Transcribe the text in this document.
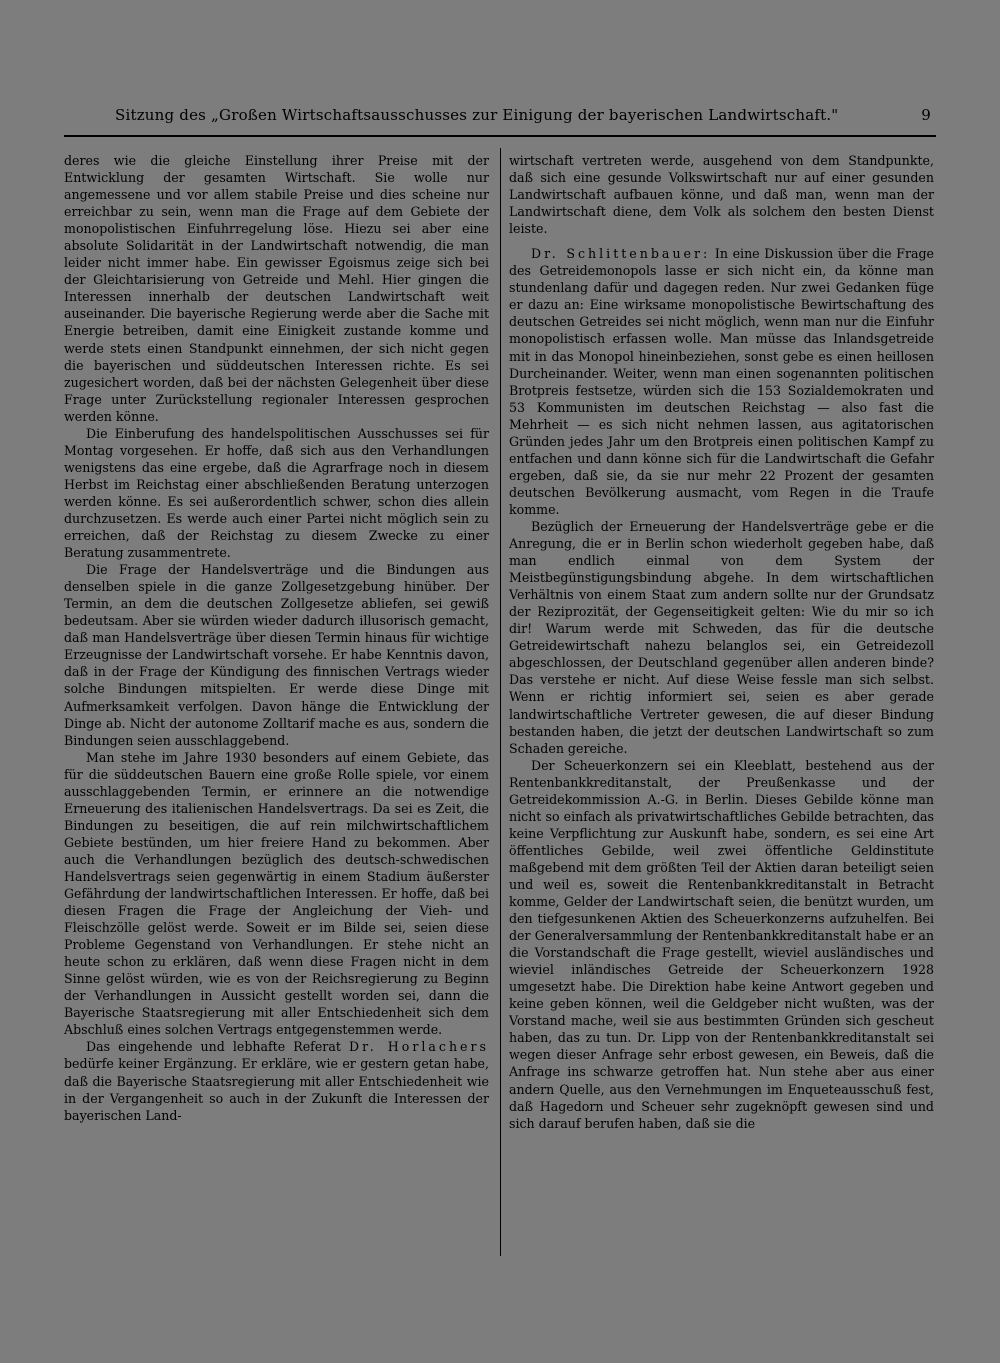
Sitzung des „Großen Wirtschaftsausschusses zur Einigung der bayerischen Landwirtschaft."	9

deres wie die gleiche Einstellung ihrer Preise mit der Entwicklung der gesamten Wirtschaft. Sie wolle nur angemessene und vor allem stabile Preise und dies scheine nur erreichbar zu sein, wenn man die Frage auf dem Gebiete der monopolistischen Einfuhrregelung löse. Hiezu sei aber eine absolute Solidarität in der Landwirtschaft notwendig, die man leider nicht immer habe. Ein gewisser Egoismus zeige sich bei der Gleichtarisierung von Getreide und Mehl. Hier gingen die Interessen innerhalb der deutschen Landwirtschaft weit auseinander. Die bayerische Regierung werde aber die Sache mit Energie betreiben, damit eine Einigkeit zustande komme und werde stets einen Standpunkt einnehmen, der sich nicht gegen die bayerischen und süddeutschen Interessen richte. Es sei zugesichert worden, daß bei der nächsten Gelegenheit über diese Frage unter Zurückstellung regionaler Interessen gesprochen werden könne.

Die Einberufung des handelspolitischen Ausschusses sei für Montag vorgesehen. Er hoffe, daß sich aus den Verhandlungen wenigstens das eine ergebe, daß die Agrarfrage noch in diesem Herbst im Reichstag einer abschließenden Beratung unterzogen werden könne. Es sei außerordentlich schwer, schon dies allein durchzusetzen. Es werde auch einer Partei nicht möglich sein zu erreichen, daß der Reichstag zu diesem Zwecke zu einer Beratung zusammentrete.

Die Frage der Handelsverträge und die Bindungen aus denselben spiele in die ganze Zollgesetzgebung hinüber. Der Termin, an dem die deutschen Zollgesetze abliefen, sei gewiß bedeutsam. Aber sie würden wieder dadurch illusorisch gemacht, daß man Handelsverträge über diesen Termin hinaus für wichtige Erzeugnisse der Landwirtschaft vorsehe. Er habe Kenntnis davon, daß in der Frage der Kündigung des finnischen Vertrags wieder solche Bindungen mitspielten. Er werde diese Dinge mit Aufmerksamkeit verfolgen. Davon hänge die Entwicklung der Dinge ab. Nicht der autonome Zolltarif mache es aus, sondern die Bindungen seien ausschlaggebend.

Man stehe im Jahre 1930 besonders auf einem Gebiete, das für die süddeutschen Bauern eine große Rolle spiele, vor einem ausschlaggebenden Termin, er erinnere an die notwendige Erneuerung des italienischen Handelsvertrags. Da sei es Zeit, die Bindungen zu beseitigen, die auf rein milchwirtschaftlichem Gebiete bestünden, um hier freiere Hand zu bekommen. Aber auch die Verhandlungen bezüglich des deutsch-schwedischen Handelsvertrags seien gegenwärtig in einem Stadium äußerster Gefährdung der landwirtschaftlichen Interessen. Er hoffe, daß bei diesen Fragen die Frage der Angleichung der Vieh- und Fleischzölle gelöst werde. Soweit er im Bilde sei, seien diese Probleme Gegenstand von Verhandlungen. Er stehe nicht an heute schon zu erklären, daß wenn diese Fragen nicht in dem Sinne gelöst würden, wie es von der Reichsregierung zu Beginn der Verhandlungen in Aussicht gestellt worden sei, dann die Bayerische Staatsregierung mit aller Entschiedenheit sich dem Abschluß eines solchen Vertrags entgegenstemmen werde.

Das eingehende und lebhafte Referat Dr. Horlachers bedürfe keiner Ergänzung. Er erkläre, wie er gestern getan habe, daß die Bayerische Staatsregierung mit aller Entschiedenheit wie in der Vergangenheit so auch in der Zukunft die Interessen der bayerischen Land-

wirtschaft vertreten werde, ausgehend von dem Standpunkte, daß sich eine gesunde Volkswirtschaft nur auf einer gesunden Landwirtschaft aufbauen könne, und daß man, wenn man der Landwirtschaft diene, dem Volk als solchem den besten Dienst leiste.

Dr. Schlittenbauer: In eine Diskussion über die Frage des Getreidemonopols lasse er sich nicht ein, da könne man stundenlang dafür und dagegen reden. Nur zwei Gedanken füge er dazu an: Eine wirksame monopolistische Bewirtschaftung des deutschen Getreides sei nicht möglich, wenn man nur die Einfuhr monopolistisch erfassen wolle. Man müsse das Inlandsgetreide mit in das Monopol hineinbeziehen, sonst gebe es einen heillosen Durcheinander. Weiter, wenn man einen sogenannten politischen Brotpreis festsetze, würden sich die 153 Sozialdemokraten und 53 Kommunisten im deutschen Reichstag — also fast die Mehrheit — es sich nicht nehmen lassen, aus agitatorischen Gründen jedes Jahr um den Brotpreis einen politischen Kampf zu entfachen und dann könne sich für die Landwirtschaft die Gefahr ergeben, daß sie, da sie nur mehr 22 Prozent der gesamten deutschen Bevölkerung ausmacht, vom Regen in die Traufe komme.

Bezüglich der Erneuerung der Handelsverträge gebe er die Anregung, die er in Berlin schon wiederholt gegeben habe, daß man endlich einmal von dem System der Meistbegünstigungsbindung abgehe. In dem wirtschaftlichen Verhältnis von einem Staat zum andern sollte nur der Grundsatz der Reziprozität, der Gegenseitigkeit gelten: Wie du mir so ich dir! Warum werde mit Schweden, das für die deutsche Getreidewirtschaft nahezu belanglos sei, ein Getreidezoll abgeschlossen, der Deutschland gegenüber allen anderen binde? Das verstehe er nicht. Auf diese Weise fessle man sich selbst. Wenn er richtig informiert sei, seien es aber gerade landwirtschaftliche Vertreter gewesen, die auf dieser Bindung bestanden haben, die jetzt der deutschen Landwirtschaft so zum Schaden gereiche.

Der Scheuerkonzern sei ein Kleeblatt, bestehend aus der Rentenbankkreditanstalt, der Preußenkasse und der Getreidekommission A.-G. in Berlin. Dieses Gebilde könne man nicht so einfach als privatwirtschaftliches Gebilde betrachten, das keine Verpflichtung zur Auskunft habe, sondern, es sei eine Art öffentliches Gebilde, weil zwei öffentliche Geldinstitute maßgebend mit dem größten Teil der Aktien daran beteiligt seien und weil es, soweit die Rentenbankkreditanstalt in Betracht komme, Gelder der Landwirtschaft seien, die benützt wurden, um den tiefgesunkenen Aktien des Scheuerkonzerns aufzuhelfen. Bei der Generalversammlung der Rentenbankkreditanstalt habe er an die Vorstandschaft die Frage gestellt, wieviel ausländisches und wieviel inländisches Getreide der Scheuerkonzern 1928 umgesetzt habe. Die Direktion habe keine Antwort gegeben und keine geben können, weil die Geldgeber nicht wußten, was der Vorstand mache, weil sie aus bestimmten Gründen sich gescheut haben, das zu tun. Dr. Lipp von der Rentenbankkreditanstalt sei wegen dieser Anfrage sehr erbost gewesen, ein Beweis, daß die Anfrage ins schwarze getroffen hat. Nun stehe aber aus einer andern Quelle, aus den Vernehmungen im Enqueteausschuß fest, daß Hagedorn und Scheuer sehr zugeknöpft gewesen sind und sich darauf berufen haben, daß sie die
